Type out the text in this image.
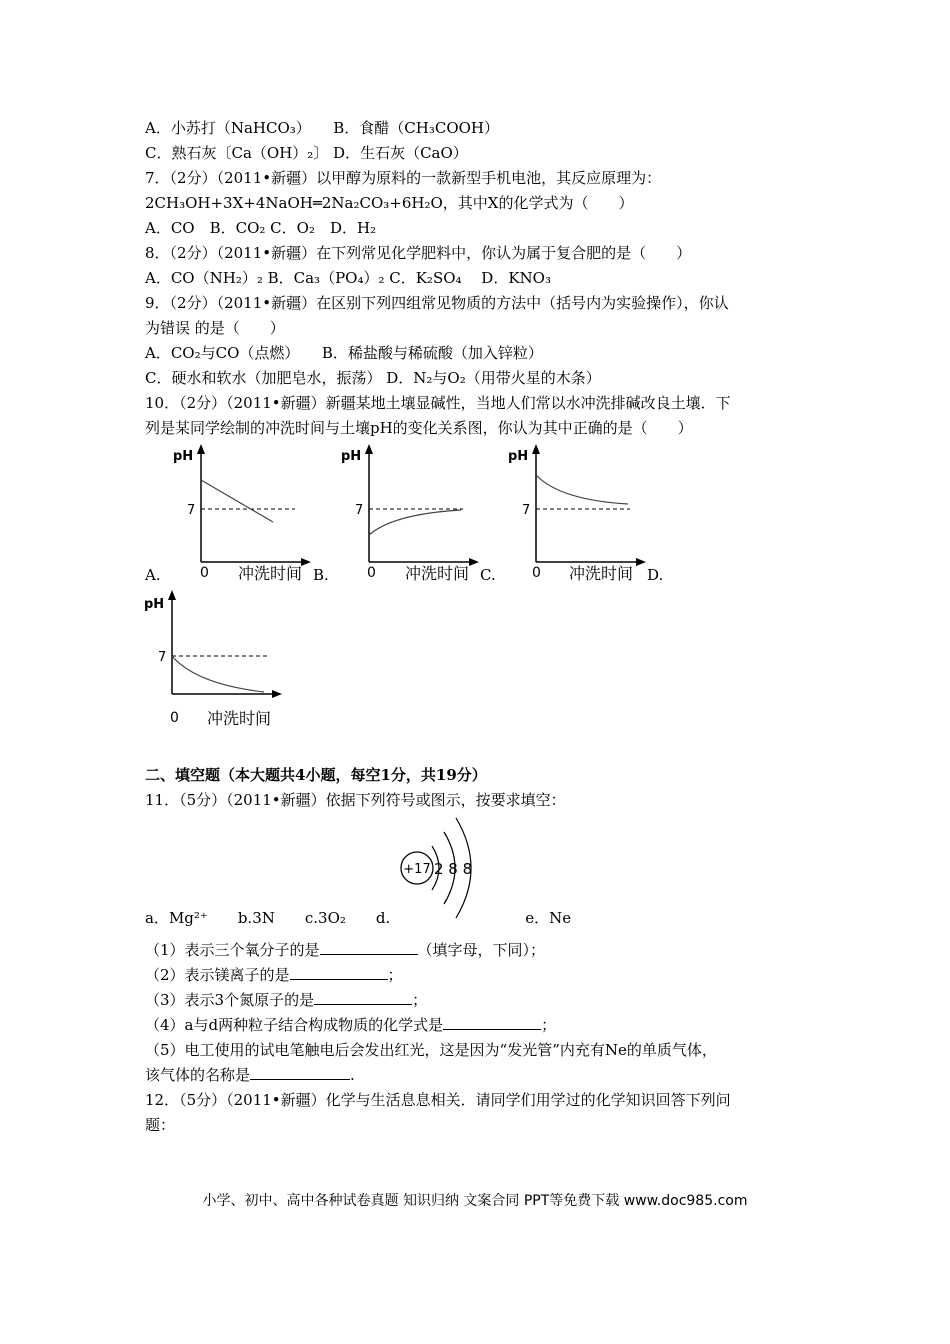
A．小苏打（NaHCO₃）　　B．食醋（CH₃COOH）
C．熟石灰〔Ca（OH）₂〕 D．生石灰（CaO）
7．（2分）（2011•新疆）以甲醇为原料的一款新型手机电池，其反应原理为：
2CH₃OH+3X+4NaOH═2Na₂CO₃+6H₂O，其中X的化学式为（　　）
A．CO　B．CO₂ C．O₂　D．H₂
8．（2分）（2011•新疆）在下列常见化学肥料中，你认为属于复合肥的是（　　）
A．CO（NH₂）₂ B．Ca₃（PO₄）₂ C．K₂SO₄　 D．KNO₃
9．（2分）（2011•新疆）在区别下列四组常见物质的方法中（括号内为实验操作），你认
为错误 的是（　　）
A．CO₂与CO（点燃）　　B．稀盐酸与稀硫酸（加入锌粒）
C．硬水和软水（加肥皂水，振荡） D．N₂与O₂（用带火星的木条）
10．（2分）（2011•新疆）新疆某地土壤显碱性，当地人们常以水冲洗排碱改良土壤．下
列是某同学绘制的冲洗时间与土壤pH的变化关系图，你认为其中正确的是（　　）
pH
7
0 冲洗时间
pH
7
0 冲洗时间
pH
7
0 冲洗时间
A.	B.	C.	D.
pH
7
0 冲洗时间
二、填空题（本大题共4小题，每空1分，共19分）
11．（5分）（2011•新疆）依据下列符号或图示，按要求填空：
+17 2 8 8
a．Mg²⁺　　b.3N　　c.3O₂　　d.　　　　　　　　　e．Ne
（1）表示三个氧分子的是	（填字母，下同）；
（2）表示镁离子的是	；
（3）表示3个氮原子的是	；
（4）a与d两种粒子结合构成物质的化学式是	；
（5）电工使用的试电笔触电后会发出红光，这是因为“发光管”内充有Ne的单质气体，
该气体的名称是	.
12．（5分）（2011•新疆）化学与生活息息相关．请同学们用学过的化学知识回答下列问
题：
小学、初中、高中各种试卷真题 知识归纳 文案合同 PPT等免费下载 www.doc985.com
